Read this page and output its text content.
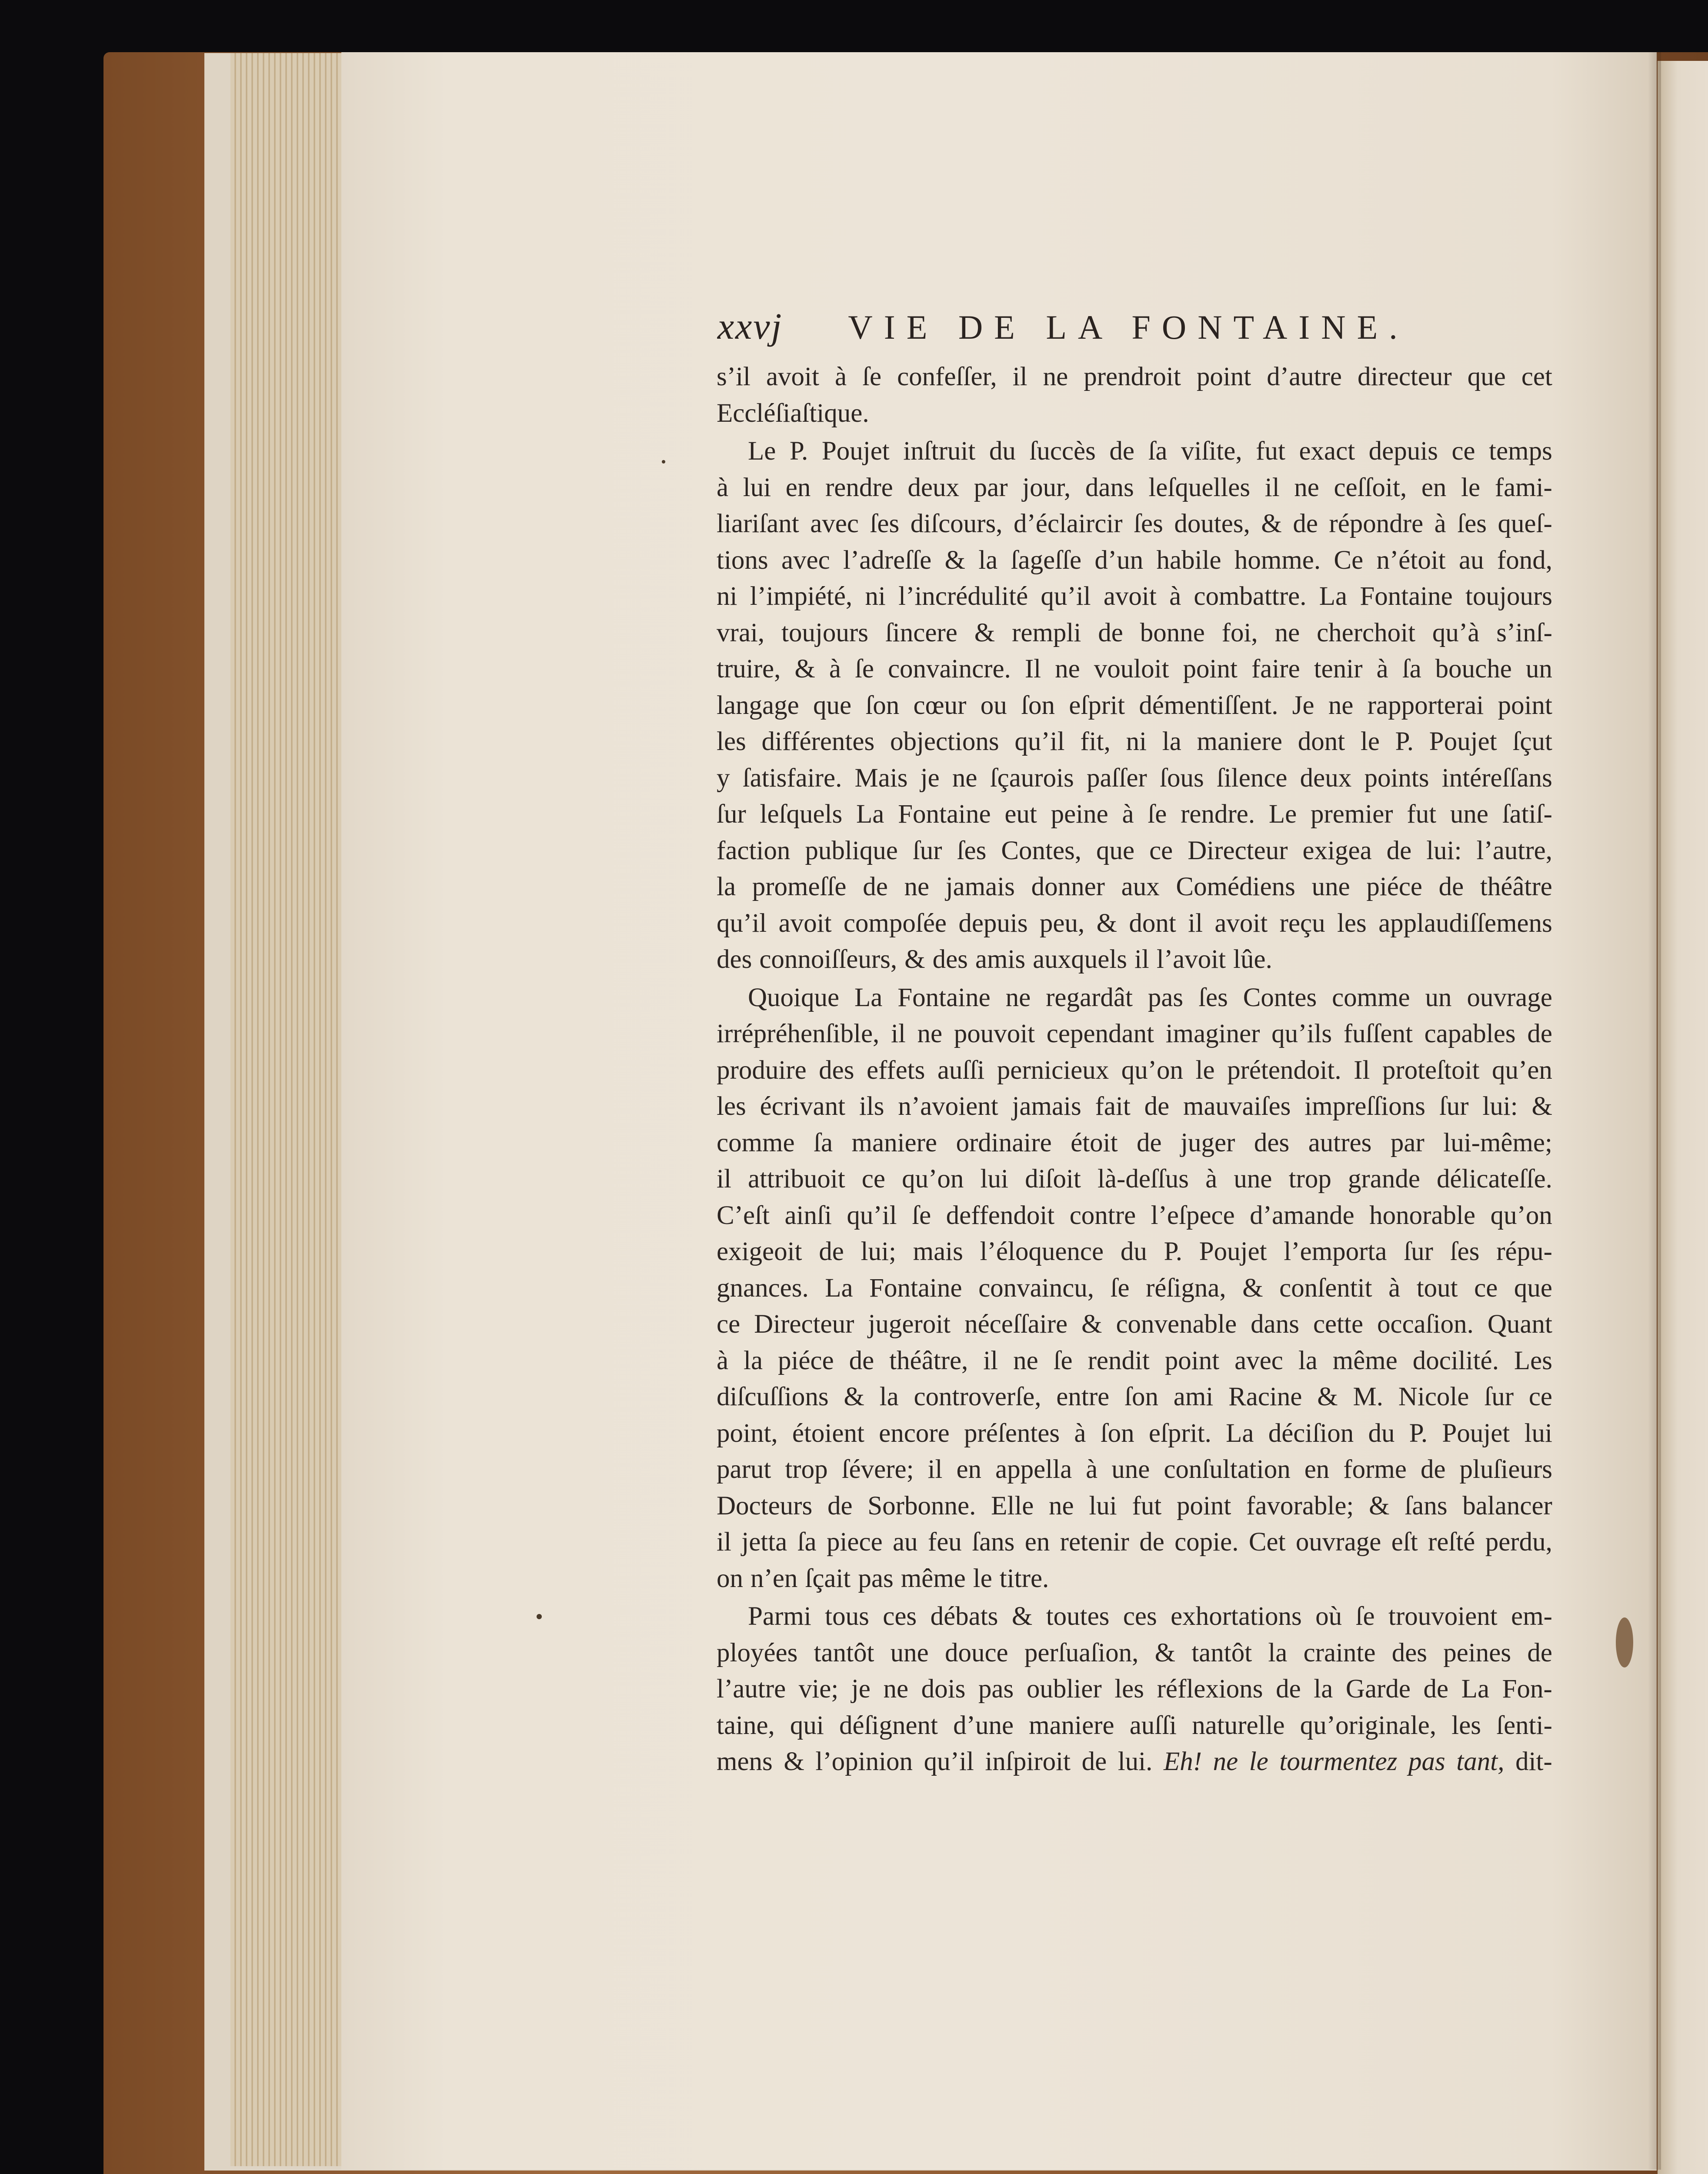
xxvj VIE DE LA FONTAINE.
s’il avoit à ſe confeſſer, il ne prendroit point d’autre directeur que cet
Eccléſiaſtique.
Le P. Poujet inſtruit du ſuccès de ſa viſite, fut exact depuis ce temps
à lui en rendre deux par jour, dans leſquelles il ne ceſſoit, en le fami-
liariſant avec ſes diſcours, d’éclaircir ſes doutes, & de répondre à ſes queſ-
tions avec l’adreſſe & la ſageſſe d’un habile homme. Ce n’étoit au fond,
ni l’impiété, ni l’incrédulité qu’il avoit à combattre. La Fontaine toujours
vrai, toujours ſincere & rempli de bonne foi, ne cherchoit qu’à s’inſ-
truire, & à ſe convaincre. Il ne vouloit point faire tenir à ſa bouche un
langage que ſon cœur ou ſon eſprit démentiſſent. Je ne rapporterai point
les différentes objections qu’il fit, ni la maniere dont le P. Poujet ſçut
y ſatisfaire. Mais je ne ſçaurois paſſer ſous ſilence deux points intéreſſans
ſur leſquels La Fontaine eut peine à ſe rendre. Le premier fut une ſatiſ-
faction publique ſur ſes Contes, que ce Directeur exigea de lui: l’autre,
la promeſſe de ne jamais donner aux Comédiens une piéce de théâtre
qu’il avoit compoſée depuis peu, & dont il avoit reçu les applaudiſſemens
des connoiſſeurs, & des amis auxquels il l’avoit lûe.
Quoique La Fontaine ne regardât pas ſes Contes comme un ouvrage
irrépréhenſible, il ne pouvoit cependant imaginer qu’ils fuſſent capables de
produire des effets auſſi pernicieux qu’on le prétendoit. Il proteſtoit qu’en
les écrivant ils n’avoient jamais fait de mauvaiſes impreſſions ſur lui: &
comme ſa maniere ordinaire étoit de juger des autres par lui-même;
il attribuoit ce qu’on lui diſoit là-deſſus à une trop grande délicateſſe.
C’eſt ainſi qu’il ſe deffendoit contre l’eſpece d’amande honorable qu’on
exigeoit de lui; mais l’éloquence du P. Poujet l’emporta ſur ſes répu-
gnances. La Fontaine convaincu, ſe réſigna, & conſentit à tout ce que
ce Directeur jugeroit néceſſaire & convenable dans cette occaſion. Quant
à la piéce de théâtre, il ne ſe rendit point avec la même docilité. Les
diſcuſſions & la controverſe, entre ſon ami Racine & M. Nicole ſur ce
point, étoient encore préſentes à ſon eſprit. La déciſion du P. Poujet lui
parut trop ſévere; il en appella à une conſultation en forme de pluſieurs
Docteurs de Sorbonne. Elle ne lui fut point favorable; & ſans balancer
il jetta ſa piece au feu ſans en retenir de copie. Cet ouvrage eſt reſté perdu,
on n’en ſçait pas même le titre.
Parmi tous ces débats & toutes ces exhortations où ſe trouvoient em-
ployées tantôt une douce perſuaſion, & tantôt la crainte des peines de
l’autre vie; je ne dois pas oublier les réflexions de la Garde de La Fon-
taine, qui déſignent d’une maniere auſſi naturelle qu’originale, les ſenti-
mens & l’opinion qu’il inſpiroit de lui. Eh! ne le tourmentez pas tant, dit-
